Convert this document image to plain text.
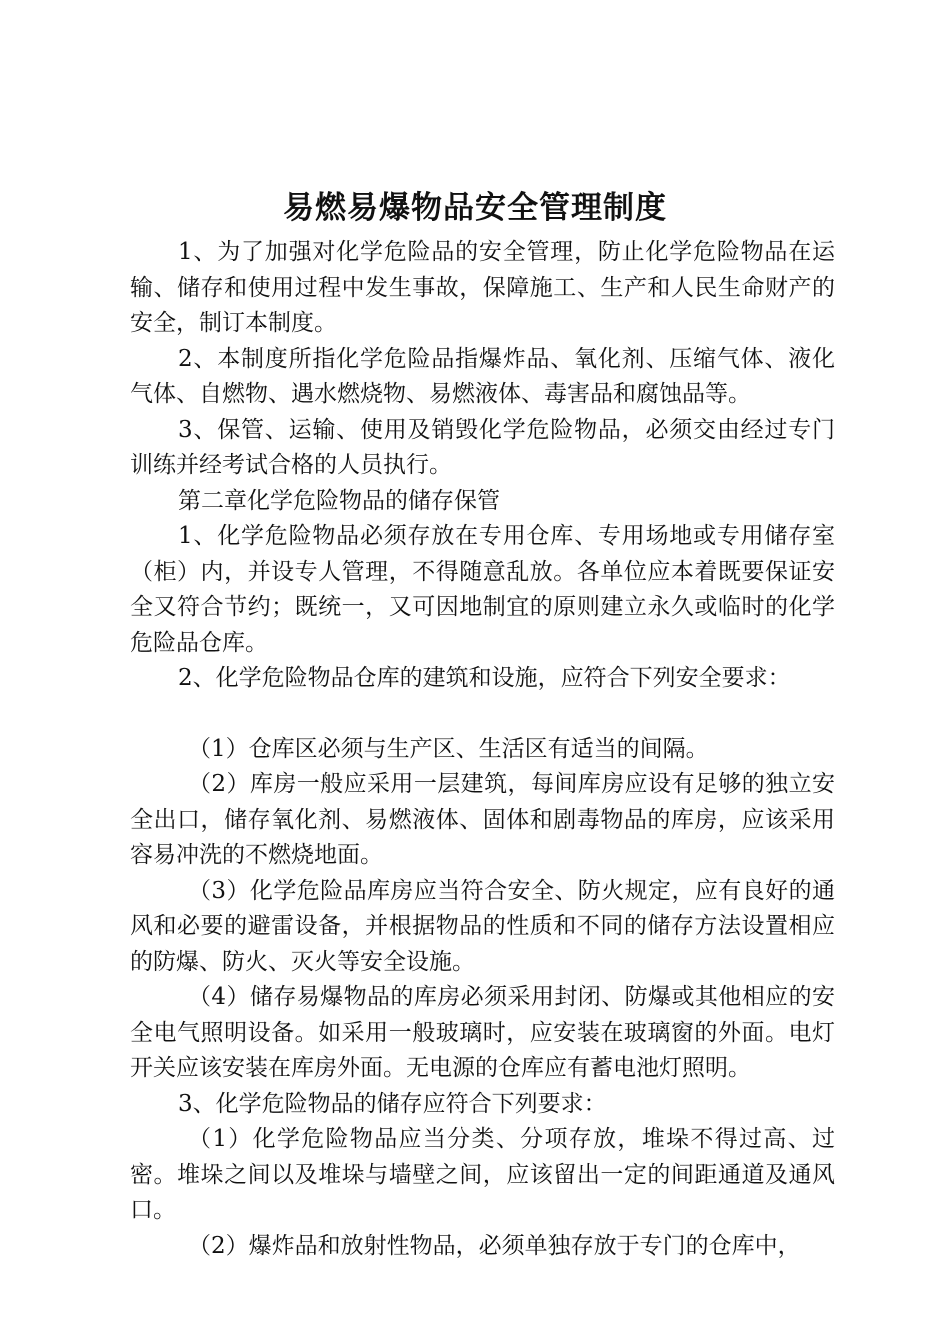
易燃易爆物品安全管理制度

1、为了加强对化学危险品的安全管理，防止化学危险物品在运输、储存和使用过程中发生事故，保障施工、生产和人民生命财产的安全，制订本制度。

2、本制度所指化学危险品指爆炸品、氧化剂、压缩气体、液化气体、自燃物、遇水燃烧物、易燃液体、毒害品和腐蚀品等。

3、保管、运输、使用及销毁化学危险物品，必须交由经过专门训练并经考试合格的人员执行。

第二章化学危险物品的储存保管

1、化学危险物品必须存放在专用仓库、专用场地或专用储存室（柜）内，并设专人管理，不得随意乱放。各单位应本着既要保证安全又符合节约；既统一，又可因地制宜的原则建立永久或临时的化学危险品仓库。

2、化学危险物品仓库的建筑和设施，应符合下列安全要求：

（1）仓库区必须与生产区、生活区有适当的间隔。

（2）库房一般应采用一层建筑，每间库房应设有足够的独立安全出口，储存氧化剂、易燃液体、固体和剧毒物品的库房，应该采用容易冲洗的不燃烧地面。

（3）化学危险品库房应当符合安全、防火规定，应有良好的通风和必要的避雷设备，并根据物品的性质和不同的储存方法设置相应的防爆、防火、灭火等安全设施。

（4）储存易爆物品的库房必须采用封闭、防爆或其他相应的安全电气照明设备。如采用一般玻璃时，应安装在玻璃窗的外面。电灯开关应该安装在库房外面。无电源的仓库应有蓄电池灯照明。

3、化学危险物品的储存应符合下列要求：

（1）化学危险物品应当分类、分项存放，堆垛不得过高、过密。堆垛之间以及堆垛与墙壁之间，应该留出一定的间距通道及通风口。

（2）爆炸品和放射性物品，必须单独存放于专门的仓库中，
